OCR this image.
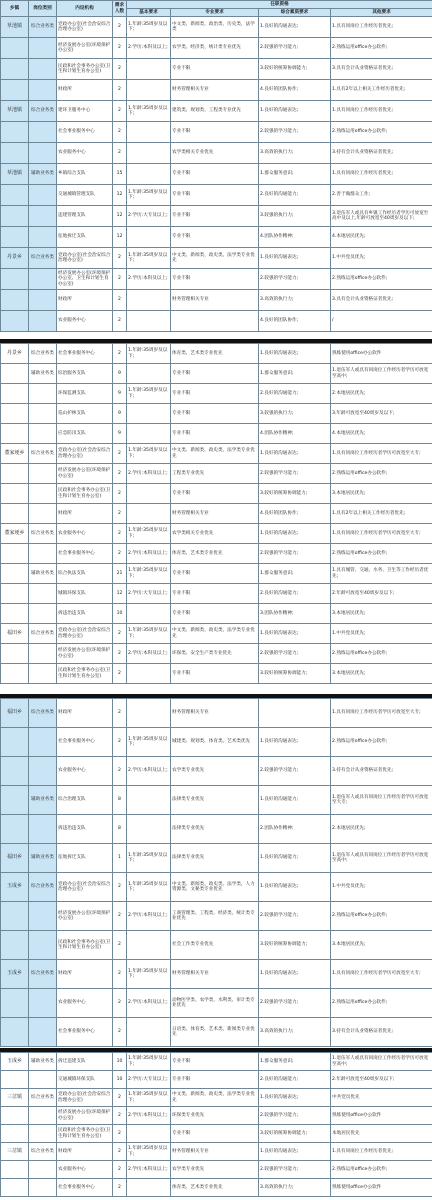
乡镇	岗位类别	内设机构	需求人数	任职资格			
				基本要求	专业要求	综合素质要求	其他要求
草池镇	综合业务类	党政办公室(社会治安综合治理办公室)	2	1.年龄:35周岁及以下;	中文类、新闻类、政治类、历史类、法学类	1.良好的沟通表达;	1.具有同岗位工作经历者优先;
		经济发展办公室(环境保护办公室)	2	2.学历:本科及以上;	农学类、经济类、统计类专业优先	2.较强的学习能力;	2.熟练运用office办公软件;
		民政和社会事务办公室(卫生和计划生育办公室)	2		专业不限	3.较好的统筹协调能力;	3.具有会计从业资格证者优先;
		财政所	2		财务管理相关专业	4.良好的团队协作;	1.具有2年以上相关工作经历者优先;
草池镇	综合业务类	建环卫服务中心	2	1.年龄:35周岁及以下;	建筑类、规划类、工程类专业优先	1.良好的沟通表达;	1.具有同岗位工作经历者优先;
		社会事业服务中心	2		专业不限	2.较强的学习能力;	2.熟练运用office办公软件;
		农业服务中心	2		农学类相关专业优先	3.高效的执行力;	3.持有会计从业资格证者优先;
草池镇	辅助业务类	乡镇综合支队	15		专业不限	1.群众服务意识;	1.具有同岗位工作经历者优先;
		交通城镇管理支队	12	1.年龄:35周岁及以下;	专业不限	2.良好的沟通能力;	2.善于做群众工作;
		违建管理支队	12	2.学历:大专及以上;	专业不限	3.较强的执行力;	3.退伍军人或具有乡镇工作经历者学历可放宽至高中及以上,年龄可放宽至40周岁及以下;
		征地拆迁支队	12		专业不限	4.团队协作精神;	4.本地居民优先;
丹景乡	综合业务类	党政办公室(社会治安综合治理办公室)	2	1.年龄:35周岁及以下;	中文类、新闻类、政史类、法学类专业优先	1.良好的沟通表达;	1.中共党员优先;
		经济发展办公室(环境保护办公室、卫生和计划生育办公室)	2	2.学历:本科及以上;	专业不限	2.较强的学习能力;	2.熟练运用office办公软件;
		财政所	2		财务管理相关专业	3.高效的执行力;	3.具有会计从业资格证者优先;
		农业服务中心	2			4.良好的团队协作;	/
丹景乡	综合业务类	社会事业服务中心	2	1.年龄:35周岁及以下;	体育类、艺术类专业优先	1.良好的沟通表达;	熟练使用office办公软件
	辅助业务类	综治服务支队	9		专业不限	1.群众服务意识;	1.退伍军人或具有同岗位工作经历者学历可放宽至高中;
		环保监测支队	9	1.年龄:35周岁及以下;	专业不限	2.良好的沟通能力;	2.本地居民优先;
		巡山护林支队	9		专业不限	3.较强的执行力;	3.年龄可放宽至40周岁及以下;
		应急防汛支队	9		专业不限	4.团队协作精神;	4.本地居民优先;
董家埂乡	综合业务类	党政办公室(社会治安综合治理办公室)	2	1.年龄:35周岁及以下;	中文类、新闻类、政史类、法学类专业优先	1.良好的沟通表达;	1.具有同岗位工作经历者学历可放宽至大专;
		经济发展办公室(环境保护办公室)	2	2.学历:本科及以上;	工程类专业优先	2.较强的学习能力;	2.熟练运用office办公软件;
		民政和社会事务办公室(卫生和计划生育办公室)	2		专业不限	3.较好的统筹协调能力;	3.本地居民优先;
		财政所	2		财务管理相关专业	4.良好的团队协作;	1.具有2年以上相关工作经历者优先;
董家埂乡	综合业务类	农业服务中心	2	1.年龄:35周岁及以下;	农学类相关专业优先	1.良好的沟通表达;	1.具有同岗位工作经历者学历可放宽至大专;
		社会事业服务中心	2	2.学历:本科及以上;	体育类、艺术类专业优先	2.较强的学习能力;	2.熟练运用office办公软件;
	辅助业务类	综合执法支队	21	1.年龄:35周岁及以下;	专业不限	1.群众服务意识;	1.具有城管、交通、水务、卫生等工作经历者优先;
		城镇环保支队	12	2.学历:大专及以上;	专业不限	2.良好的沟通能力;	2.年龄可放宽至40周岁及以下;
		拆违治违支队	10		专业不限	3.团队协作精神;	3.本地居民优先;
福田乡	综合业务类	党政办公室(社会治安综合治理办公室)	2	1.年龄:35周岁及以下;	中文类、新闻类、政史类、法学类专业优先	1.良好的沟通表达;	1.中共党员优先;
		经济发展办公室(环境保护办公室)	2	2.学历:本科及以上;	环保类、安全生产类专业优先	2.较强的学习能力;	2.熟练运用office办公软件;
		民政和社会事务办公室(卫生和计划生育办公室)	2		专业不限	3.较好的统筹协调能力;	3.本地居民优先;
福田乡	综合业务类	财政所	2		财务管理相关专业		1.具有同岗位工作经历者学历可放宽至大专;
		社会事业服务中心	2	1.年龄:35周岁及以下;	城建类、规划类、体育类、艺术类优先	1.良好的沟通表达;	2.熟练运用office办公软件;
		农业服务中心	2	2.学历:本科及以上;	农学类专业优先	2.较强的学习能力;	3.持有会计从业资格证者优先;
	辅助业务类	综合治理支队	8		法律类专业优先	1.良好的沟通能力;	1.退伍军人或具有同岗位工作经历者学历可放宽至大专;
		拆违治违支队	8		法律类专业优先	2.团队协作精神;	2.本地居民优先;
福田乡	辅助业务类	征地拆迁支队	1	1.年龄:35周岁及以下;	法律类专业优先	1.良好的沟通能力;	1.退伍军人或具有同岗位工作经历者学历可放宽至高中;
玉成乡	综合业务类	党政办公室(社会治安综合治理办公室)	2	1.年龄:35周岁及以下;	中文类、新闻类、政史类、法学类、人力资源类、文秘类专业优先	1.良好的沟通表达;	1.中共党员优先;
		经济发展办公室(环境保护办公室)	2	2.学历:本科及以上;	工商管理类、工程类、经济类、统计类专业优先	2.较强的学习能力;	2.熟练运用office办公软件;
		民政和社会事务办公室(卫生和计划生育办公室)	2		社会工作类专业优先	3.较好的统筹协调能力;	3.本地居民优先;
玉成乡	综合业务类	财政所	2	1.年龄:35周岁及以下;	财务管理相关专业	1.良好的沟通表达;	1.具有同岗位工作经历者学历可放宽至大专;
		农业服务中心	2	2.学历:本科及以上;	动物医学类、农学类、水利类、审计类专业优先	2.较强的学习能力;	2.熟练运用office办公软件;
		社会事业服务中心	2		日语类、体育类、艺术类、新闻类专业优先	3.高效的执行力;	3.持有会计从业资格证者优先;
玉成乡	辅助业务类	拆迁违建支队	10	1.年龄:35周岁及以下;	专业不限	1.群众服务意识;	1.退伍军人或具有同岗位工作经历者学历可放宽至高中;
		交通城镇环保支队	10	2.学历:大专及以上;	专业不限	2.良好的沟通能力;	2.年龄可放宽至40周岁及以下;
三岔镇	综合业务类	党政办公室(社会治安综合治理办公室)	2	1.年龄:35周岁及以下;	中文类、新闻类、政史类、法学类专业优先	1.良好的沟通表达;	中共党员优先
		经济发展办公室(环境保护办公室)	2	2.学历:本科及以上;	环保类专业优先	2.较强的学习能力;	熟练使用office办公软件
		民政和社会事务办公室(卫生和计划生育办公室)	2		专业不限	3.较好的统筹协调能力;	本地居民优先
三岔镇	综合业务类	财政所	2	1.年龄:35周岁及以下;	财务管理相关专业	1.良好的沟通表达;	1.具有同岗位工作经历者优先;
		农业服务中心	2	2.学历:本科及以上;	农学类专业优先	2.较强的学习能力;	2.熟练运用office办公软件;
		社会事业服务中心	2		体育类、艺术类专业优先	3.高效的执行力;	熟练使用office办公软件
